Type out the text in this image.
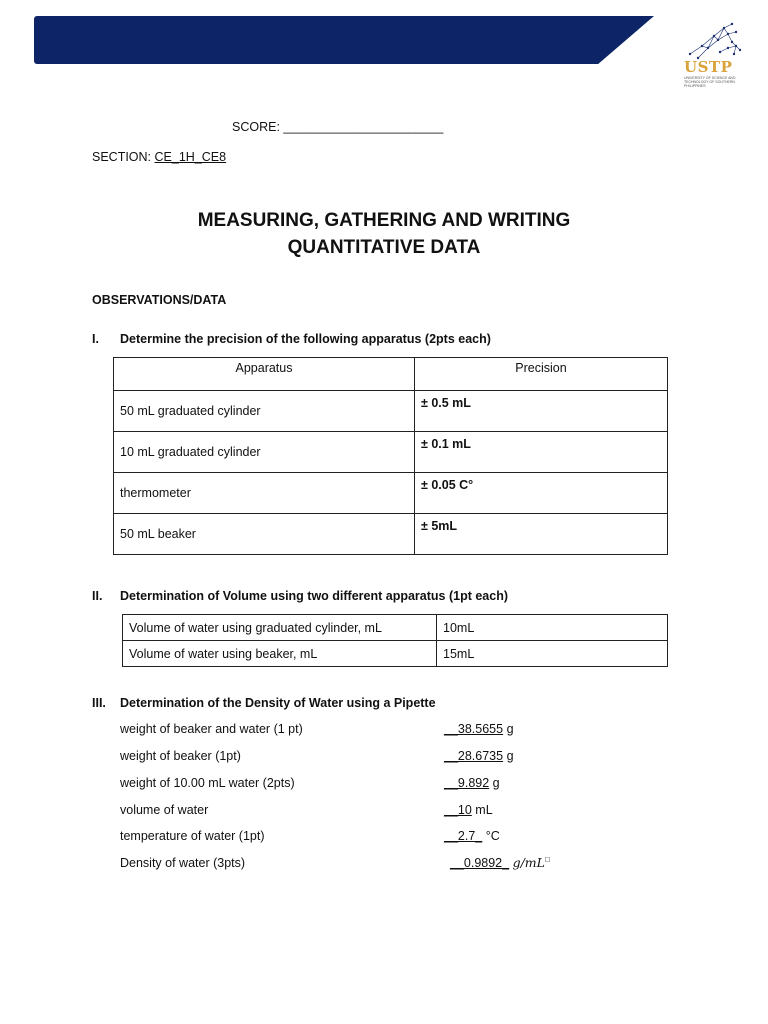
USTP
UNIVERSITY OF SCIENCE AND TECHNOLOGY OF SOUTHERN PHILIPPINES
SCORE: _______________________
SECTION: CE_1H_CE8
MEASURING, GATHERING AND WRITING
QUANTITATIVE DATA
OBSERVATIONS/DATA
I. Determine the precision of the following apparatus (2pts each)
Apparatus	Precision
50 mL graduated cylinder	± 0.5 mL
10 mL graduated cylinder	± 0.1 mL
thermometer	± 0.05 C°
50 mL beaker	± 5mL
II. Determination of Volume using two different apparatus (1pt each)
Volume of water using graduated cylinder, mL	10mL
Volume of water using beaker, mL	15mL
III. Determination of the Density of Water using a Pipette
weight of beaker and water (1 pt)	__38.5655 g
weight of beaker (1pt)	__28.6735 g
weight of 10.00 mL water (2pts)	__9.892 g
volume of water	__10 mL
temperature of water (1pt)	__2.7_ °C
Density of water (3pts)	__0.9892_ g/mL□
